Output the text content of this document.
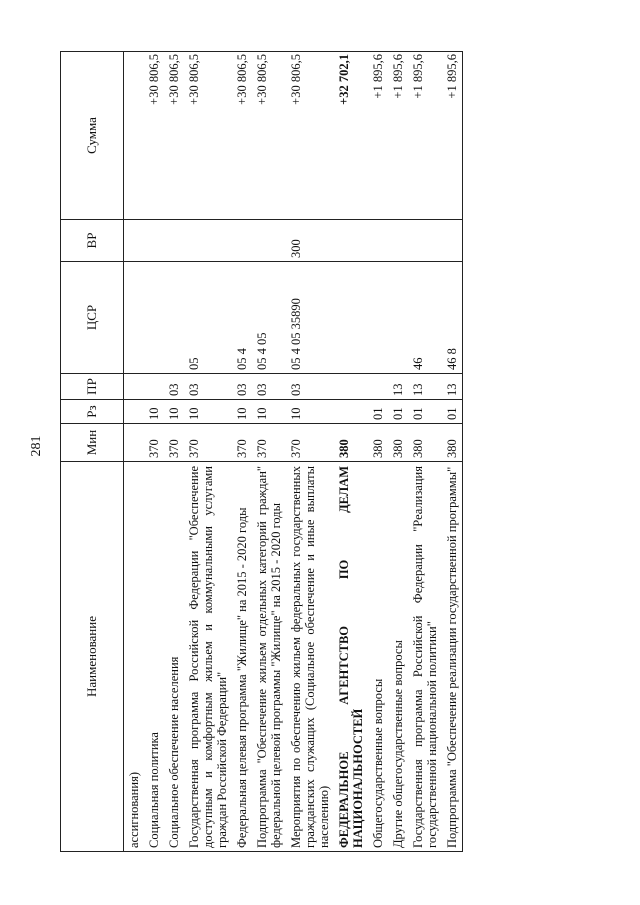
281
Наименование	Мин	Рз	ПР	ЦСР	ВР	Сумма
ассигнования)						
Социальная политика	370	10				+30 806,5
Социальное обеспечение населения	370	10	03			+30 806,5
Государственная программа Российской Федерации "Обеспечение доступным и комфортным жильем и коммунальными услугами граждан Российской Федерации"	370	10	03	05		+30 806,5
Федеральная целевая программа "Жилище" на 2015 - 2020 годы	370	10	03	05 4		+30 806,5
Подпрограмма "Обеспечение жильем отдельных категорий граждан" федеральной целевой программы "Жилище" на 2015 - 2020 годы	370	10	03	05 4 05		+30 806,5
Мероприятия по обеспечению жильем федеральных государственных гражданских служащих (Социальное обеспечение и иные выплаты населению)	370	10	03	05 4 05 35890	300	+30 806,5
ФЕДЕРАЛЬНОЕ АГЕНТСТВО ПО ДЕЛАМ НАЦИОНАЛЬНОСТЕЙ	380					+32 702,1
Общегосударственные вопросы	380	01				+1 895,6
Другие общегосударственные вопросы	380	01	13			+1 895,6
Государственная программа Российской Федерации "Реализация государственной национальной политики"	380	01	13	46		+1 895,6
Подпрограмма "Обеспечение реализации государственной программы"	380	01	13	46 8		+1 895,6
